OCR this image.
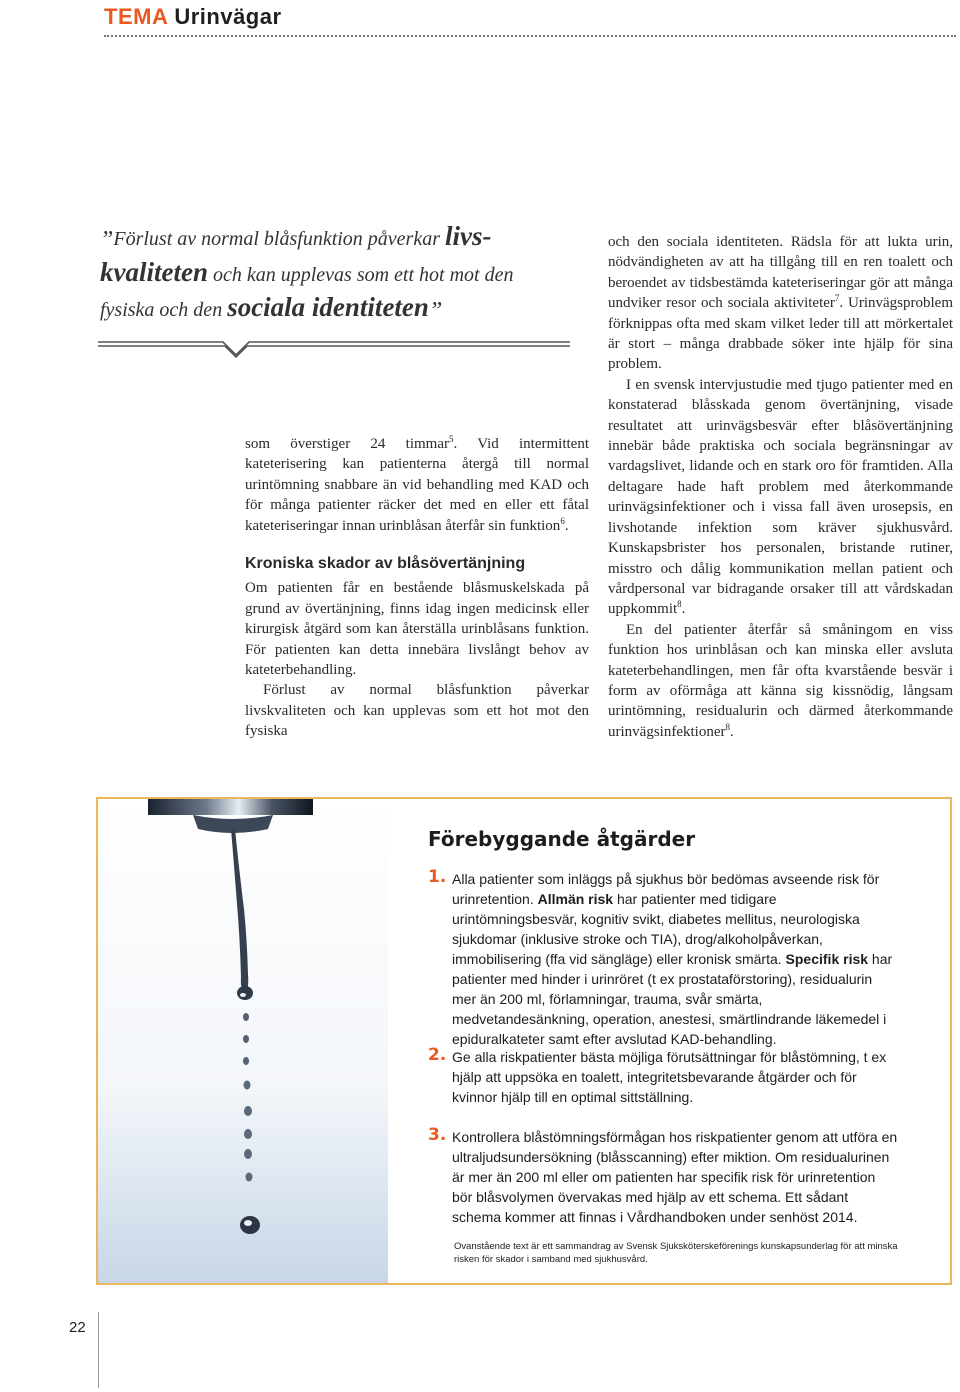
TEMA Urinvägar
”Förlust av normal blåsfunktion påverkar livs-kvaliteten och kan upplevas som ett hot mot den fysiska och den sociala identiteten”

som överstiger 24 timmar$^5$. Vid intermittent kateterisering kan patienterna återgå till normal urintömning snabbare än vid behandling med KAD och för många patienter räcker det med en eller ett fåtal kateteriseringar innan urinblåsan återfår sin funktion$^6$.

Kroniska skador av blåsövertänjning

Om patienten får en bestående blåsmuskelskada på grund av övertänjning, finns idag ingen medicinsk eller kirurgisk åtgärd som kan återställa urinblåsans funktion. För patienten kan detta innebära livslångt behov av kateterbehandling.

Förlust av normal blåsfunktion påverkar livskvaliteten och kan upplevas som ett hot mot den fysiska

och den sociala identiteten. Rädsla för att lukta urin, nödvändigheten av att ha tillgång till en ren toalett och beroendet av tidsbestämda kateteriseringar gör att många undviker resor och sociala aktiviteter$^7$. Urinvägsproblem förknippas ofta med skam vilket leder till att mörkertalet är stort – många drabbade söker inte hjälp för sina problem.

I en svensk intervjustudie med tjugo patienter med en konstaterad blåsskada genom övertänjning, visade resultatet att urinvägsbesvär efter blåsövertänjning innebär både praktiska och sociala begränsningar av vardagslivet, lidande och en stark oro för framtiden. Alla deltagare hade haft problem med återkommande urinvägsinfektioner och i vissa fall även urosepsis, en livshotande infektion som kräver sjukhusvård. Kunskapsbrister hos personalen, bristande rutiner, misstro och dålig kommunikation mellan patient och vårdpersonal var bidragande orsaker till att vårdskadan uppkommit$^8$.

En del patienter återfår så småningom en viss funktion hos urinblåsan och kan minska eller avsluta kateterbehandlingen, men får ofta kvarstående besvär i form av oförmåga att känna sig kissnödig, långsam urintömning, residualurin och därmed återkommande urinvägsinfektioner$^8$.

Förebyggande åtgärder
1. Alla patienter som inläggs på sjukhus bör bedömas avseende risk för urinretention. Allmän risk har patienter med tidigare urintömningsbesvär, kognitiv svikt, diabetes mellitus, neurologiska sjukdomar (inklusive stroke och TIA), drog/alkoholpåverkan, immobilisering (ffa vid sängläge) eller kronisk smärta. Specifik risk har patienter med hinder i urinröret (t ex prostataförstoring), residualurin mer än 200 ml, förlamningar, trauma, svår smärta, medvetandesänkning, operation, anestesi, smärtlindrande läkemedel i epiduralkateter samt efter avslutad KAD-behandling.
2. Ge alla riskpatienter bästa möjliga förutsättningar för blåstömning, t ex hjälp att uppsöka en toalett, integritetsbevarande åtgärder och för kvinnor hjälp till en optimal sittställning.
3. Kontrollera blåstömningsförmågan hos riskpatienter genom att utföra en ultraljudsundersökning (blåsscanning) efter miktion. Om residualurinen är mer än 200 ml eller om patienten har specifik risk för urinretention bör blåsvolymen övervakas med hjälp av ett schema. Ett sådant schema kommer att finnas i Vårdhandboken under senhöst 2014.
Ovanstående text är ett sammandrag av Svensk Sjuksköterskeförenings kunskapsunderlag för att minska risken för skador i samband med sjukhusvård.
22
